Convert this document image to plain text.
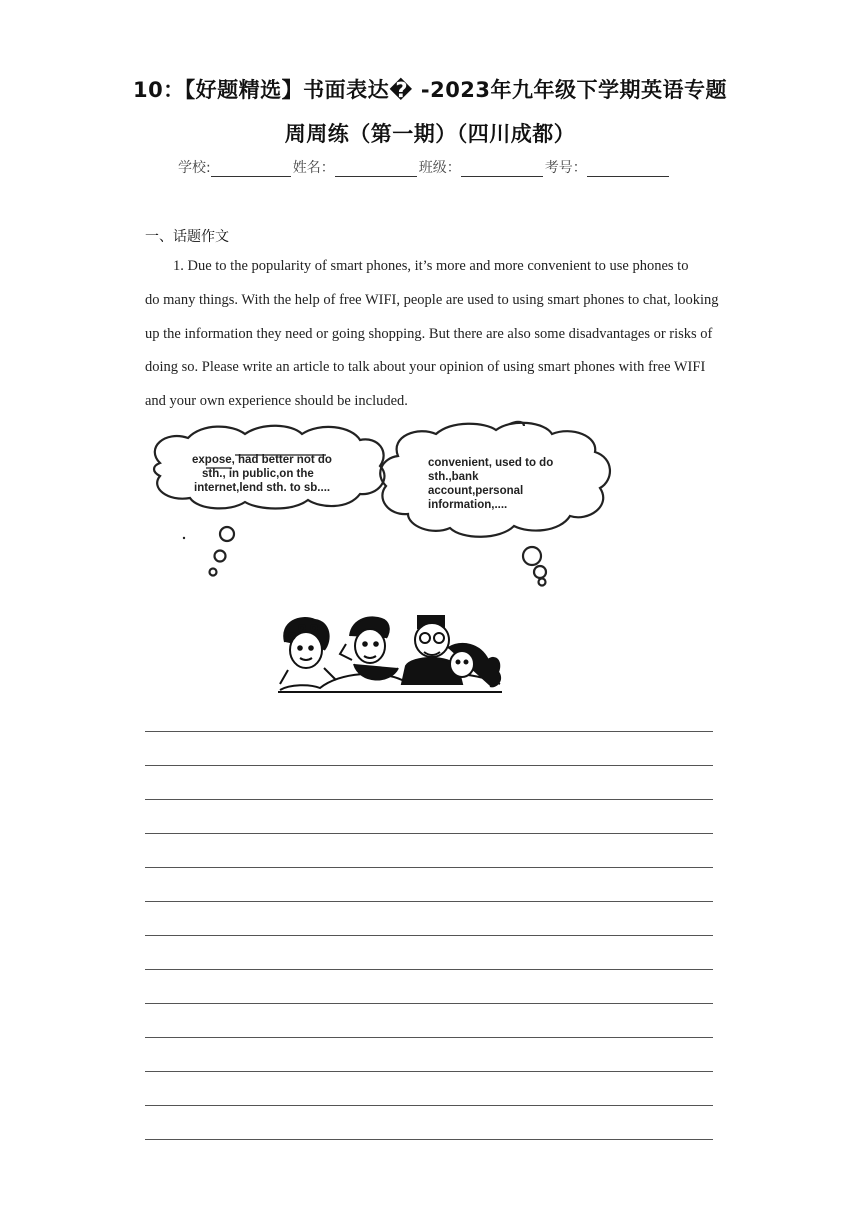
10：【好题精选】书面表达� -2023年九年级下学期英语专题
周周练（第一期）（四川成都）
学校:	姓名：	班级：	考号：
一、话题作文
1. Due to the popularity of smart phones, it’s more and more convenient to use phones to
do many things. With the help of free WIFI, people are used to using smart phones to chat, looking up the information they need or going shopping. But there are also some disadvantages or risks of doing so. Please write an article to talk about your opinion of using smart phones with free WIFI and your own experience should be included.
expose, had better not do
sth., in public,on the
internet,lend sth. to sb....
convenient, used to do
sth.,bank
account,personal
information,....
